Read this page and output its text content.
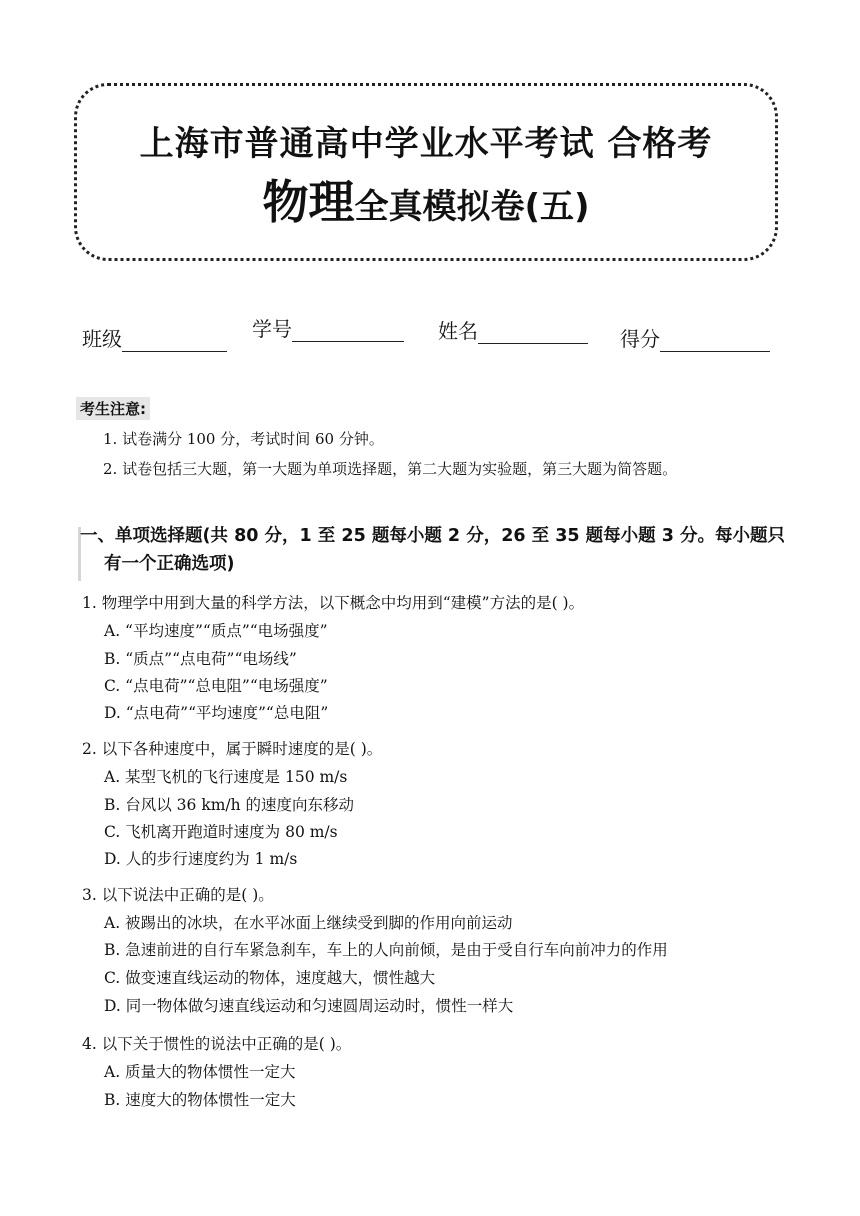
上海市普通高中学业水平考试 合格考
物理全真模拟卷(五)
班级	学号	姓名	得分
考生注意:
1. 试卷满分 100 分，考试时间 60 分钟。
2. 试卷包括三大题，第一大题为单项选择题，第二大题为实验题，第三大题为简答题。
一、单项选择题(共 80 分，1 至 25 题每小题 2 分，26 至 35 题每小题 3 分。每小题只
有一个正确选项)
1. 物理学中用到大量的科学方法，以下概念中均用到“建模”方法的是( )。
A. “平均速度”“质点”“电场强度”
B. “质点”“点电荷”“电场线”
C. “点电荷”“总电阻”“电场强度”
D. “点电荷”“平均速度”“总电阻”
2. 以下各种速度中，属于瞬时速度的是( )。
A. 某型飞机的飞行速度是 150 m/s
B. 台风以 36 km/h 的速度向东移动
C. 飞机离开跑道时速度为 80 m/s
D. 人的步行速度约为 1 m/s
3. 以下说法中正确的是( )。
A. 被踢出的冰块，在水平冰面上继续受到脚的作用向前运动
B. 急速前进的自行车紧急刹车，车上的人向前倾，是由于受自行车向前冲力的作用
C. 做变速直线运动的物体，速度越大，惯性越大
D. 同一物体做匀速直线运动和匀速圆周运动时，惯性一样大
4. 以下关于惯性的说法中正确的是( )。
A. 质量大的物体惯性一定大
B. 速度大的物体惯性一定大
